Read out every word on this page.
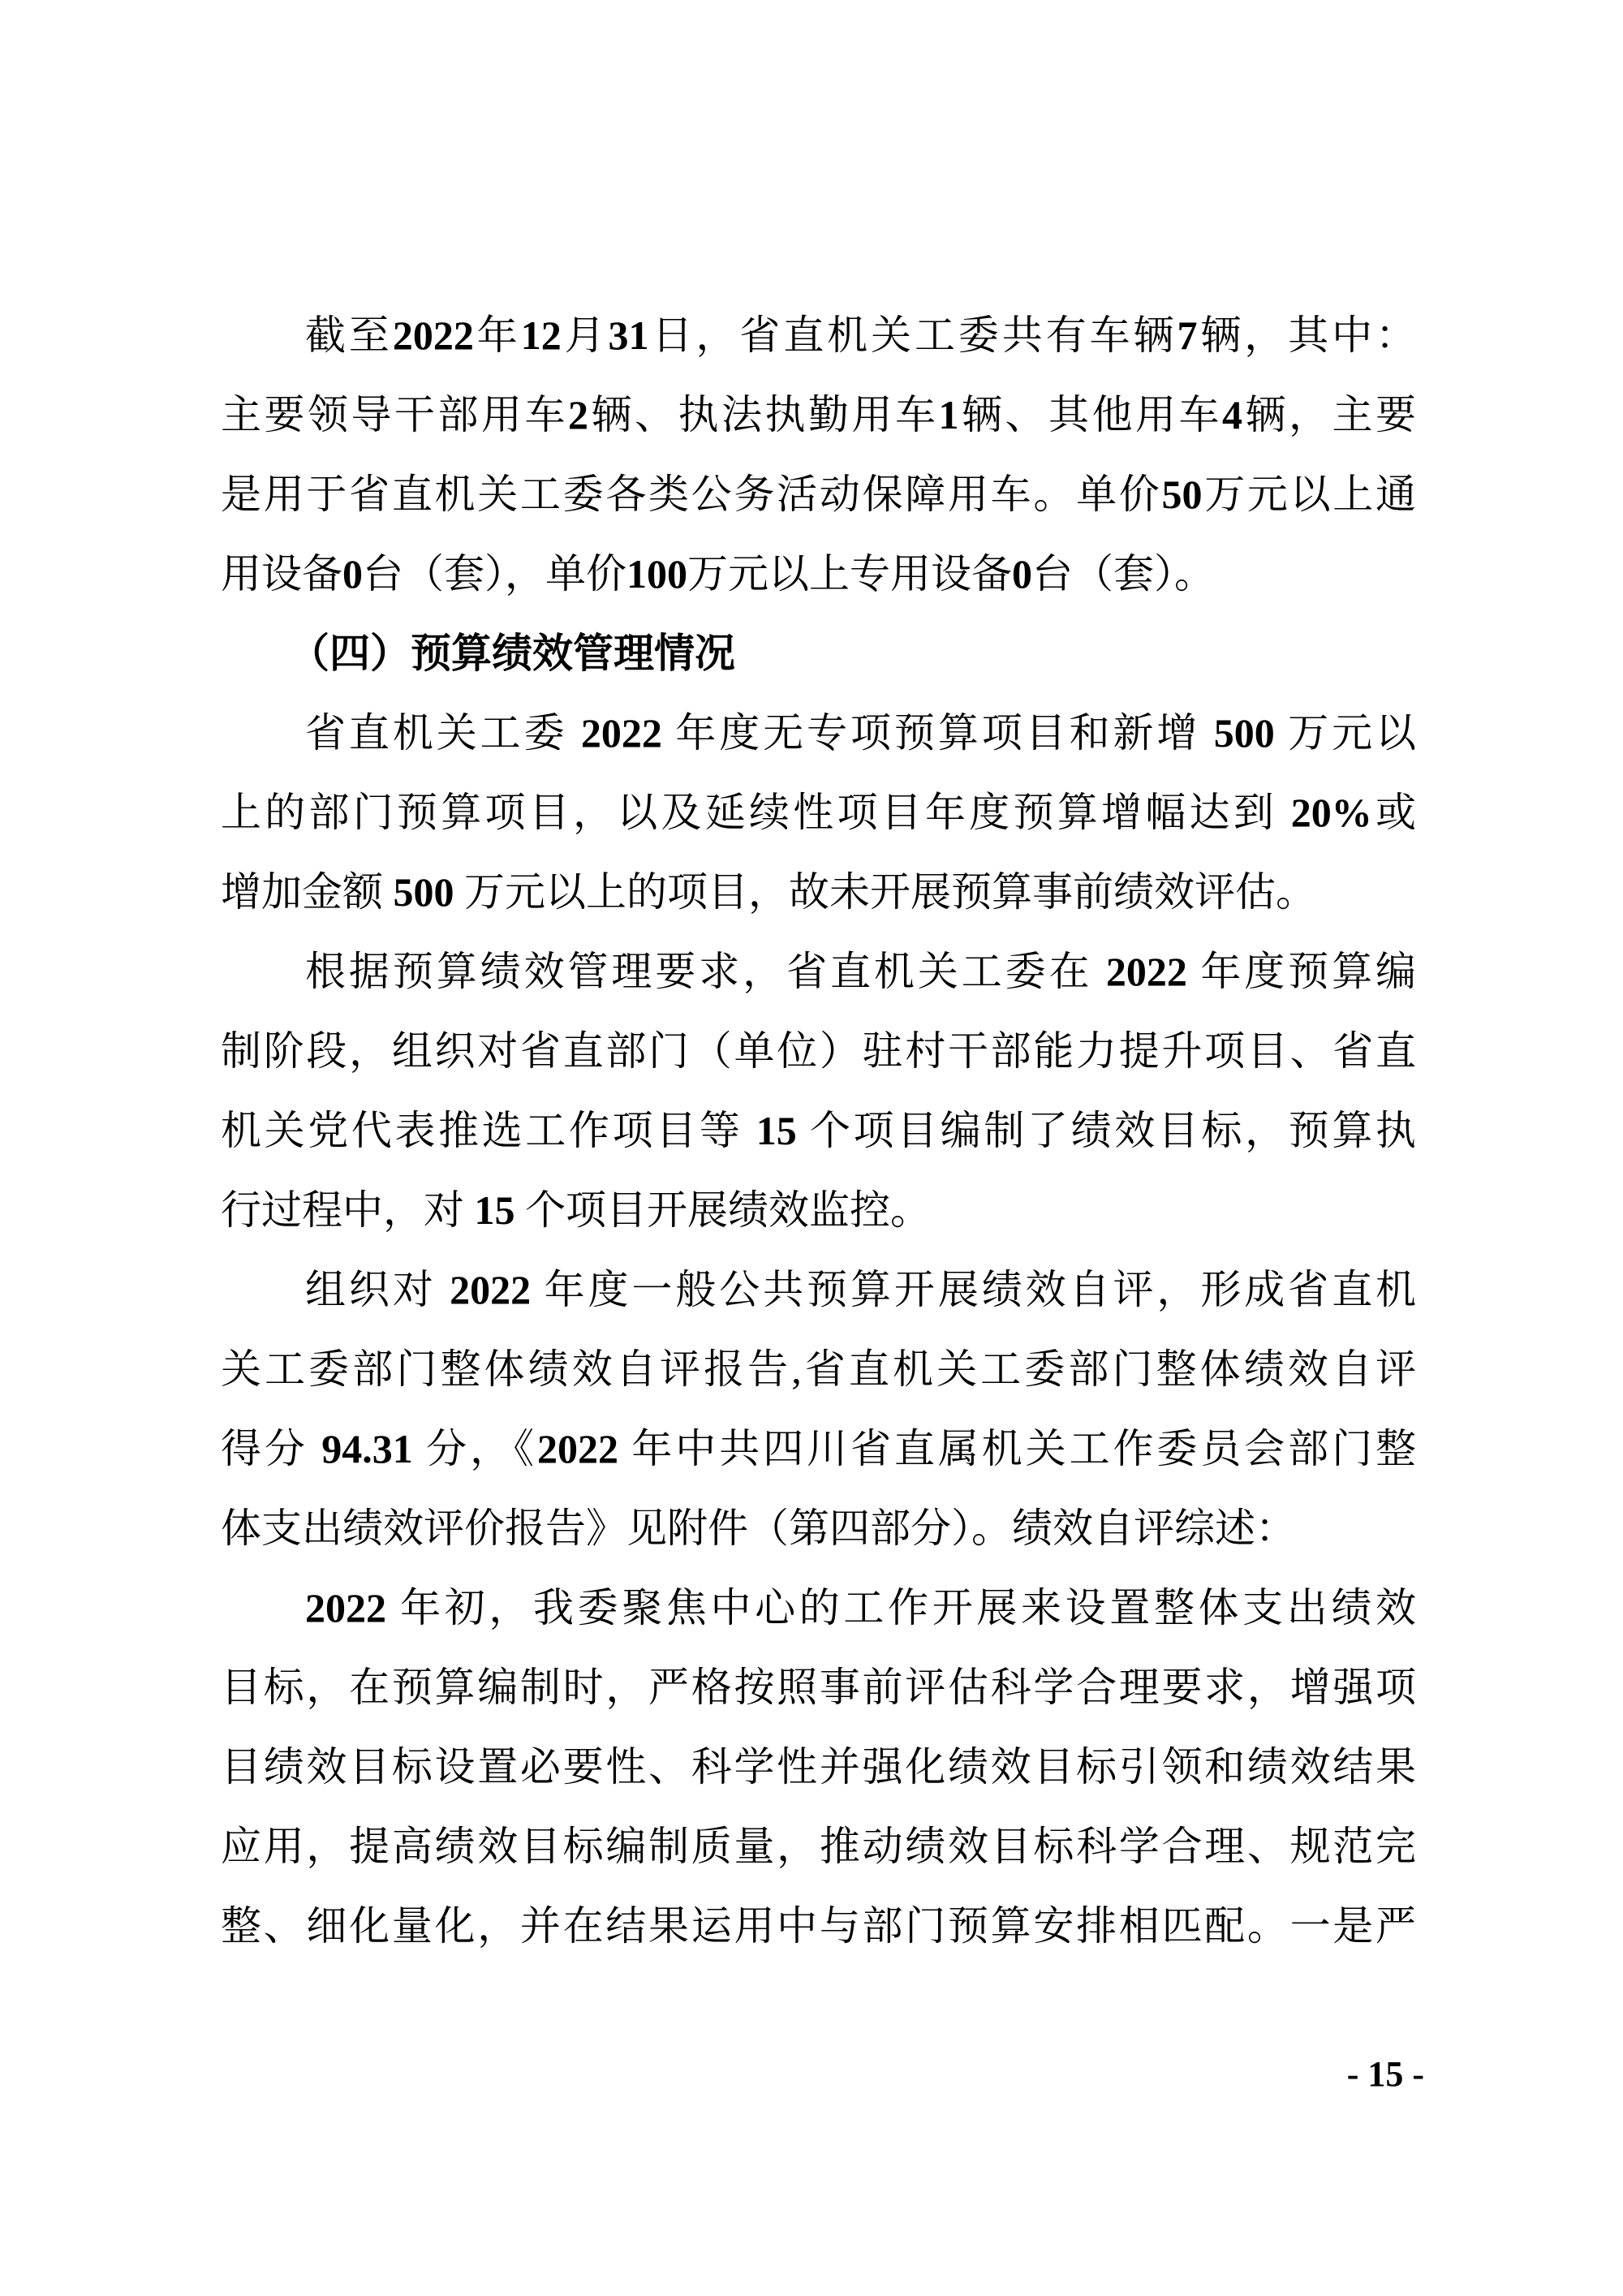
截至2022年12月31日，省直机关工委共有车辆7辆，其中：
主要领导干部用车2辆、执法执勤用车1辆、其他用车4辆，主要
是用于省直机关工委各类公务活动保障用车。单价50万元以上通
用设备0台（套），单价100万元以上专用设备0台（套）。
（四）预算绩效管理情况
省直机关工委 2022 年度无专项预算项目和新增 500 万元以
上的部门预算项目，以及延续性项目年度预算增幅达到 20%或
增加金额 500 万元以上的项目，故未开展预算事前绩效评估。
根据预算绩效管理要求，省直机关工委在 2022 年度预算编
制阶段，组织对省直部门（单位）驻村干部能力提升项目、省直
机关党代表推选工作项目等 15 个项目编制了绩效目标，预算执
行过程中，对 15 个项目开展绩效监控。
组织对 2022 年度一般公共预算开展绩效自评，形成省直机
关工委部门整体绩效自评报告,省直机关工委部门整体绩效自评
得分 94.31 分，《2022 年中共四川省直属机关工作委员会部门整
体支出绩效评价报告》见附件（第四部分）。绩效自评综述：
2022 年初，我委聚焦中心的工作开展来设置整体支出绩效
目标，在预算编制时，严格按照事前评估科学合理要求，增强项
目绩效目标设置必要性、科学性并强化绩效目标引领和绩效结果
应用，提高绩效目标编制质量，推动绩效目标科学合理、规范完
整、细化量化，并在结果运用中与部门预算安排相匹配。一是严
- 15 -
